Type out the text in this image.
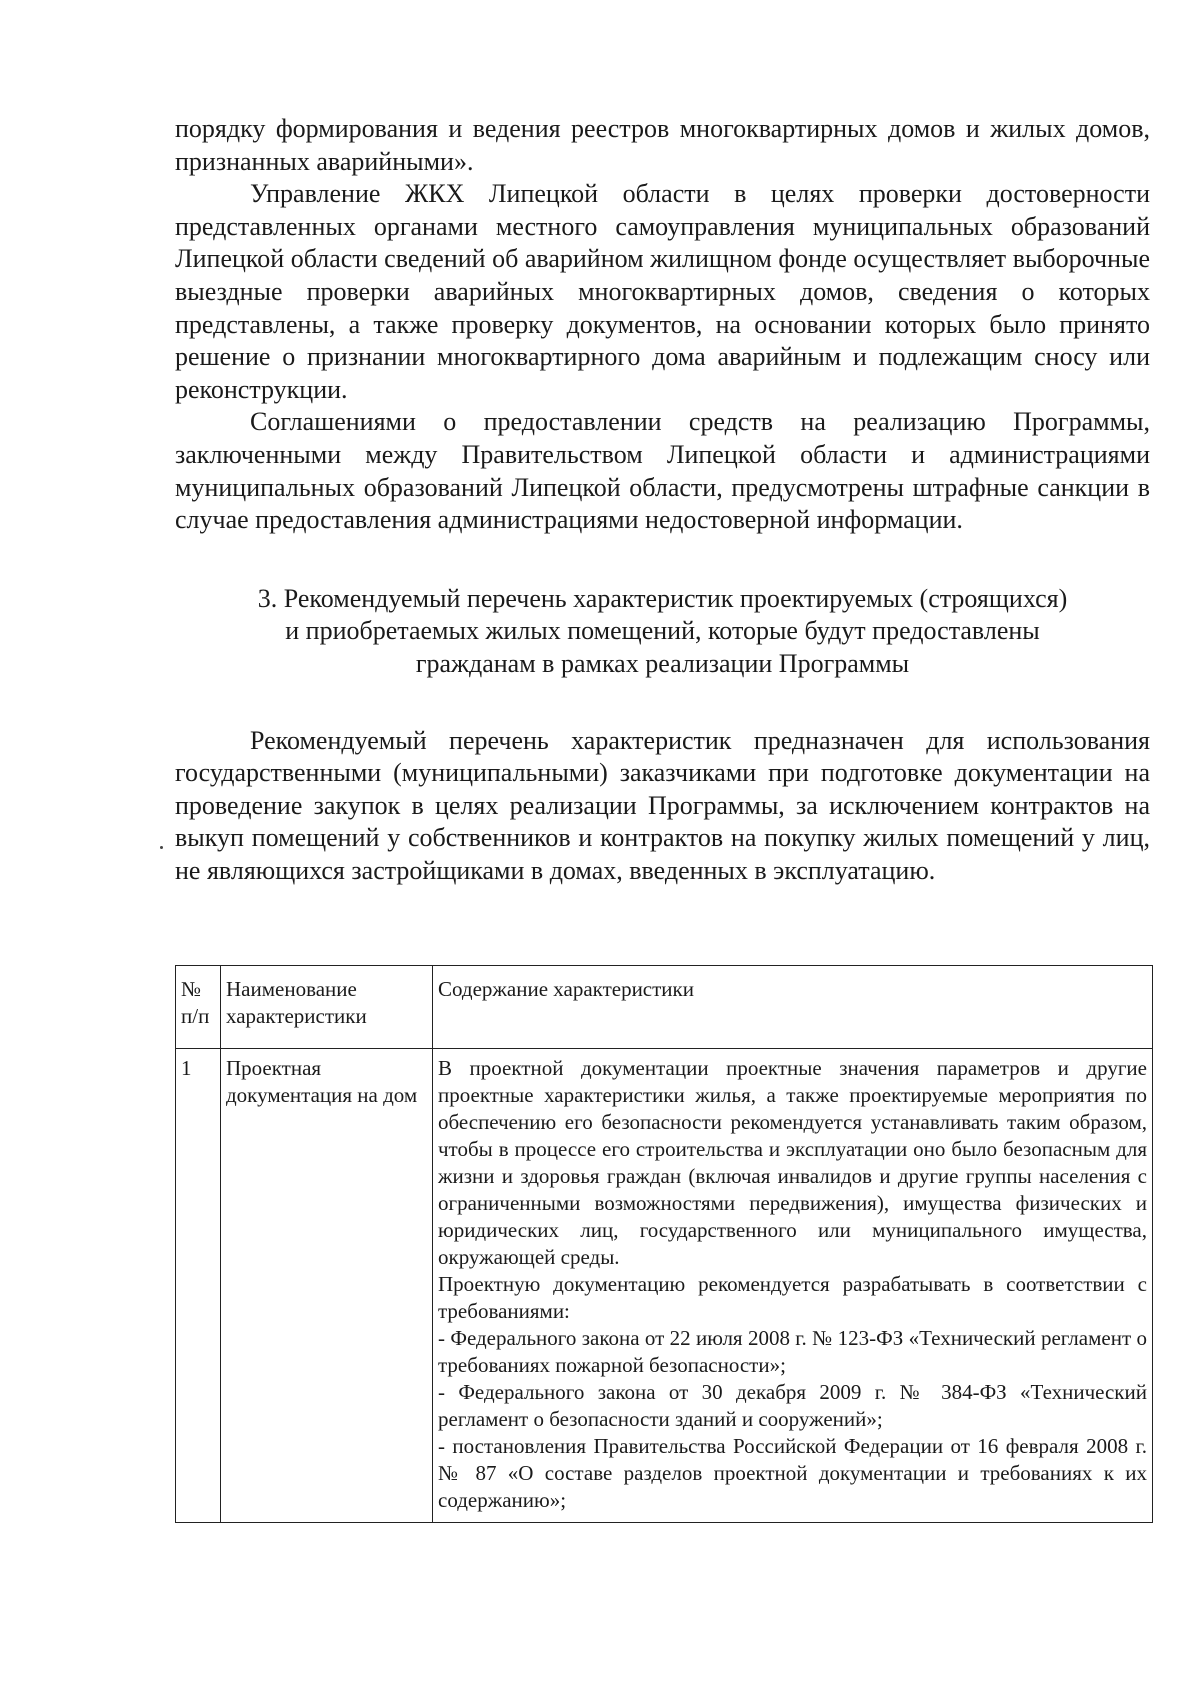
порядку формирования и ведения реестров многоквартирных домов и жилых домов, признанных аварийными».

Управление ЖКХ Липецкой области в целях проверки достоверности представленных органами местного самоуправления муниципальных образований Липецкой области сведений об аварийном жилищном фонде осуществляет выборочные выездные проверки аварийных многоквартирных домов, сведения о которых представлены, а также проверку документов, на основании которых было принято решение о признании многоквартирного дома аварийным и подлежащим сносу или реконструкции.

Соглашениями о предоставлении средств на реализацию Программы, заключенными между Правительством Липецкой области и администрациями муниципальных образований Липецкой области, предусмотрены штрафные санкции в случае предоставления администрациями недостоверной информации.

3. Рекомендуемый перечень характеристик проектируемых (строящихся)
и приобретаемых жилых помещений, которые будут предоставлены
гражданам в рамках реализации Программы

Рекомендуемый перечень характеристик предназначен для использования государственными (муниципальными) заказчиками при подготовке документации на проведение закупок в целях реализации Программы, за исключением контрактов на выкуп помещений у собственников и контрактов на покупку жилых помещений у лиц, не являющихся застройщиками в домах, введенных в эксплуатацию.

№ п/п	Наименование характеристики	Содержание характеристики
1	Проектная документация на дом	В проектной документации проектные значения параметров и другие проектные характеристики жилья, а также проектируемые мероприятия по обеспечению его безопасности рекомендуется устанавливать таким образом, чтобы в процессе его строительства и эксплуатации оно было безопасным для жизни и здоровья граждан (включая инвалидов и другие группы населения с ограниченными возможностями передвижения), имущества физических и юридических лиц, государственного или муниципального имущества, окружающей среды.

Проектную документацию рекомендуется разрабатывать в соответствии с требованиями:

- Федерального закона от 22 июля 2008 г. № 123-ФЗ «Технический регламент о требованиях пожарной безопасности»;

- Федерального закона от 30 декабря 2009 г. № 384-ФЗ «Технический регламент о безопасности зданий и сооружений»;

- постановления Правительства Российской Федерации от 16 февраля 2008 г. № 87 «О составе разделов проектной документации и требованиях к их содержанию»;
